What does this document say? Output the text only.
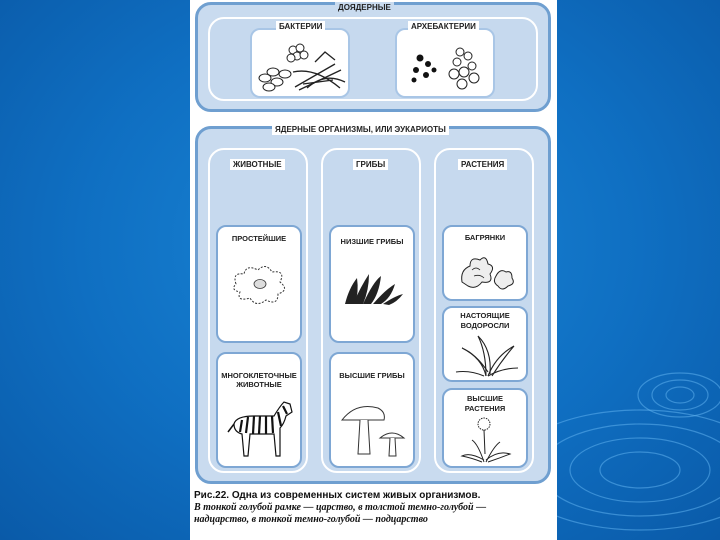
ДОЯДЕРНЫЕ
БАКТЕРИИ	АРХЕБАКТЕРИИ
ЯДЕРНЫЕ ОРГАНИЗМЫ, ИЛИ ЭУКАРИОТЫ
ЖИВОТНЫЕ
ПРОСТЕЙШИЕ
МНОГОКЛЕТОЧНЫЕ
ЖИВОТНЫЕ
ГРИБЫ
НИЗШИЕ ГРИБЫ
ВЫСШИЕ ГРИБЫ
РАСТЕНИЯ
БАГРЯНКИ
НАСТОЯЩИЕ
ВОДОРОСЛИ
ВЫСШИЕ
РАСТЕНИЯ
Рис.22. Одна из современных систем живых организмов.
В тонкой голубой рамке — царство, в толстой темно-голубой —
надцарство, в тонкой темно-голубой — подцарство
